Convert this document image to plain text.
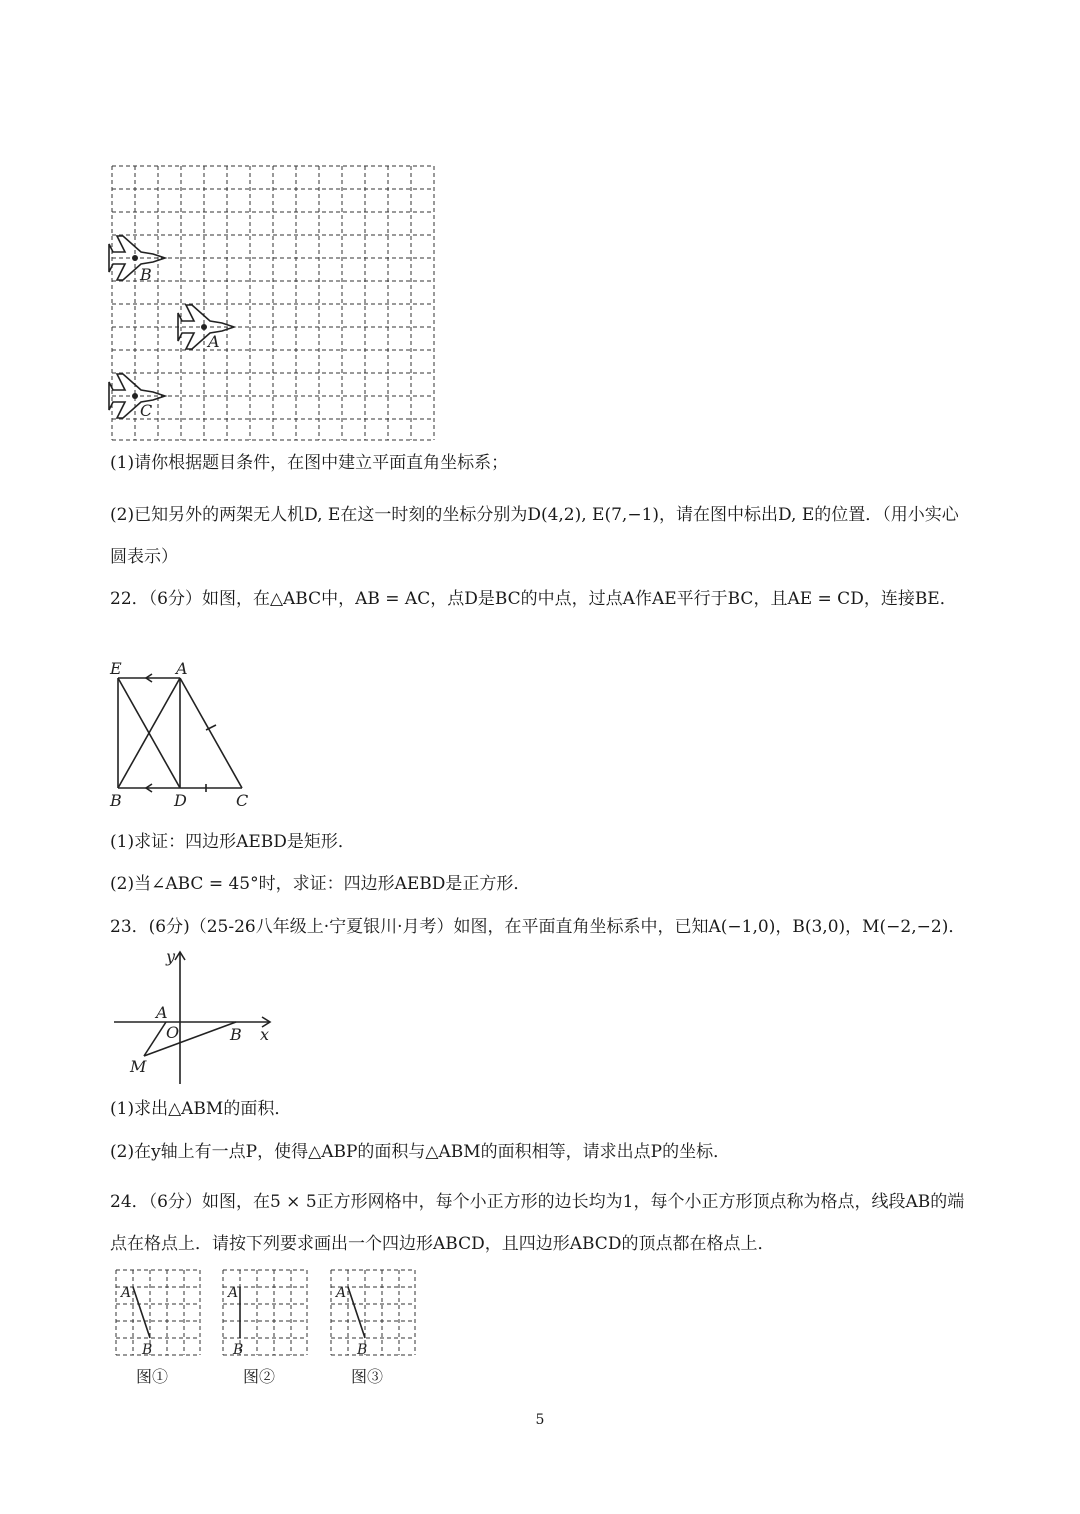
B
A
C
(1)请你根据题目条件，在图中建立平面直角坐标系；
(2)已知另外的两架无人机D, E在这一时刻的坐标分别为D(4,2), E(7,−1)，请在图中标出D, E的位置．（用小实心圆表示）
22．（6分）如图，在△ABC中，AB = AC，点D是BC的中点，过点A作AE平行于BC，且AE = CD，连接BE．
E	A
B	D	C
(1)求证：四边形AEBD是矩形．
(2)当∠ABC = 45°时，求证：四边形AEBD是正方形．
23．(6分)（25-26八年级上·宁夏银川·月考）如图，在平面直角坐标系中，已知A(−1,0)，B(3,0)，M(−2,−2)．
y
x
A
O	B
M
(1)求出△ABM的面积．
(2)在y轴上有一点P，使得△ABP的面积与△ABM的面积相等，请求出点P的坐标．
24．（6分）如图，在5 × 5正方形网格中，每个小正方形的边长均为1，每个小正方形顶点称为格点，线段AB的端点在格点上．请按下列要求画出一个四边形ABCD，且四边形ABCD的顶点都在格点上．
A
B
图①
A
B
图②
A
B
图③
5
